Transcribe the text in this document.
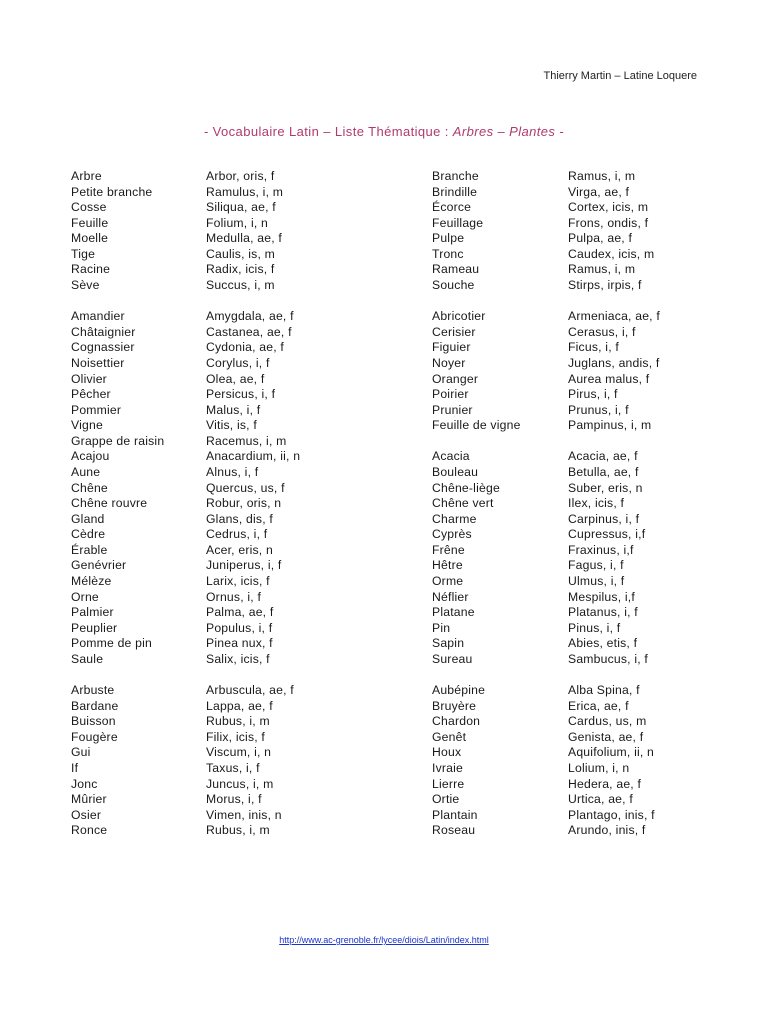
Thierry Martin – Latine Loquere
- Vocabulaire Latin – Liste Thématique : Arbres – Plantes -
Arbre	Arbor, oris, f	Branche	Ramus, i, m
Petite branche	Ramulus, i, m	Brindille	Virga, ae, f
Cosse	Siliqua, ae, f	Écorce	Cortex, icis, m
Feuille	Folium, i, n	Feuillage	Frons, ondis, f
Moelle	Medulla, ae, f	Pulpe	Pulpa, ae, f
Tige	Caulis, is, m	Tronc	Caudex, icis, m
Racine	Radix, icis, f	Rameau	Ramus, i, m
Sève	Succus, i, m	Souche	Stirps, irpis, f
Amandier	Amygdala, ae, f	Abricotier	Armeniaca, ae, f
Châtaignier	Castanea, ae, f	Cerisier	Cerasus, i, f
Cognassier	Cydonia, ae, f	Figuier	Ficus, i, f
Noisettier	Corylus, i, f	Noyer	Juglans, andis, f
Olivier	Olea, ae, f	Oranger	Aurea malus, f
Pêcher	Persicus, i, f	Poirier	Pirus, i, f
Pommier	Malus, i, f	Prunier	Prunus, i, f
Vigne	Vitis, is, f	Feuille de vigne	Pampinus, i, m
Grappe de raisin	Racemus, i, m
Acajou	Anacardium, ii, n	Acacia	Acacia, ae, f
Aune	Alnus, i, f	Bouleau	Betulla, ae, f
Chêne	Quercus, us, f	Chêne-liège	Suber, eris, n
Chêne rouvre	Robur, oris, n	Chêne vert	Ilex, icis, f
Gland	Glans, dis, f	Charme	Carpinus, i, f
Cèdre	Cedrus, i, f	Cyprès	Cupressus, i,f
Érable	Acer, eris, n	Frêne	Fraxinus, i,f
Genévrier	Juniperus, i, f	Hêtre	Fagus, i, f
Mélèze	Larix, icis, f	Orme	Ulmus, i, f
Orne	Ornus, i, f	Néflier	Mespilus, i,f
Palmier	Palma, ae, f	Platane	Platanus, i, f
Peuplier	Populus, i, f	Pin	Pinus, i, f
Pomme de pin	Pinea nux, f	Sapin	Abies, etis, f
Saule	Salix, icis, f	Sureau	Sambucus, i, f
Arbuste	Arbuscula, ae, f	Aubépine	Alba Spina, f
Bardane	Lappa, ae, f	Bruyère	Erica, ae, f
Buisson	Rubus, i, m	Chardon	Cardus, us, m
Fougère	Filix, icis, f	Genêt	Genista, ae, f
Gui	Viscum, i, n	Houx	Aquifolium, ii, n
If	Taxus, i, f	Ivraie	Lolium, i, n
Jonc	Juncus, i, m	Lierre	Hedera, ae, f
Mûrier	Morus, i, f	Ortie	Urtica, ae, f
Osier	Vimen, inis, n	Plantain	Plantago, inis, f
Ronce	Rubus, i, m	Roseau	Arundo, inis, f
http://www.ac-grenoble.fr/lycee/diois/Latin/index.html
